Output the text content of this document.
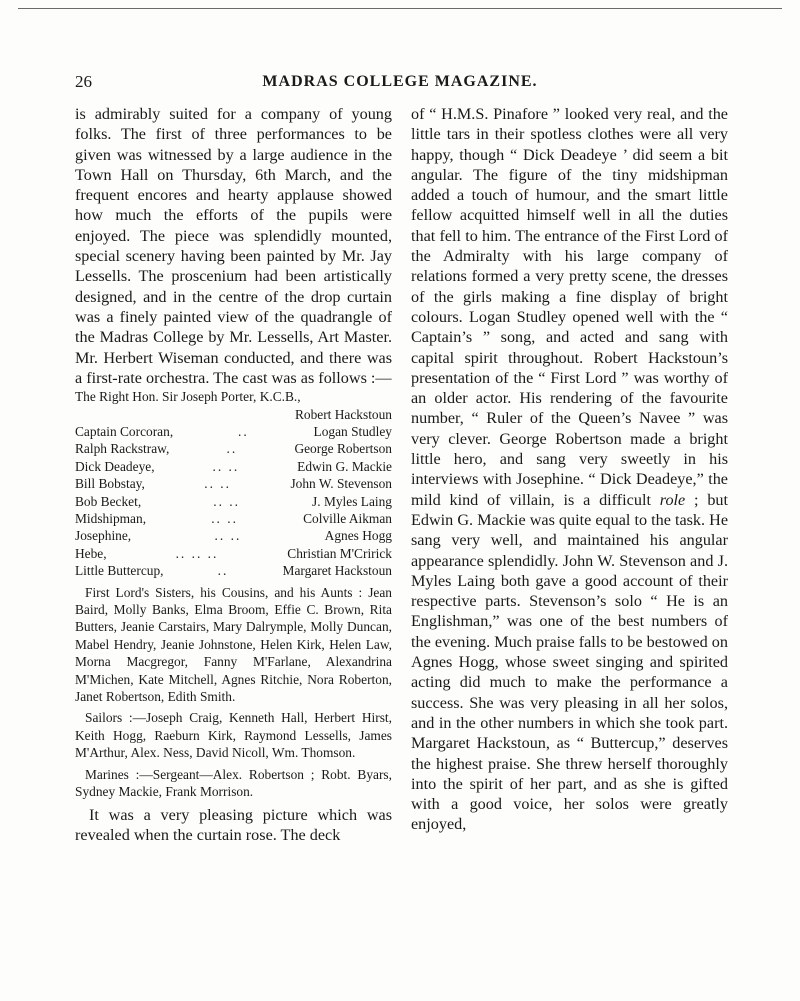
26	MADRAS COLLEGE MAGAZINE.

is admirably suited for a company of young folks. The first of three performances to be given was witnessed by a large audience in the Town Hall on Thursday, 6th March, and the frequent encores and hearty applause showed how much the efforts of the pupils were enjoyed. The piece was splendidly mounted, special scenery having been painted by Mr. Jay Lessells. The proscenium had been artistically designed, and in the centre of the drop curtain was a finely painted view of the quadrangle of the Madras College by Mr. Lessells, Art Master. Mr. Herbert Wiseman conducted, and there was a first-rate orchestra. The cast was as follows :—

The Right Hon. Sir Joseph Porter, K.C.B.,
Robert Hackstoun
Captain Corcoran,	..	Logan Studley
Ralph Rackstraw,	..	George Robertson
Dick Deadeye,	.. ..	Edwin G. Mackie
Bill Bobstay,	.. ..	John W. Stevenson
Bob Becket,	.. ..	J. Myles Laing
Midshipman,	.. ..	Colville Aikman
Josephine,	.. ..	Agnes Hogg
Hebe,	.. .. ..	Christian M'Cririck
Little Buttercup,	..	Margaret Hackstoun

First Lord's Sisters, his Cousins, and his Aunts : Jean Baird, Molly Banks, Elma Broom, Effie C. Brown, Rita Butters, Jeanie Carstairs, Mary Dalrymple, Molly Duncan, Mabel Hendry, Jeanie Johnstone, Helen Kirk, Helen Law, Morna Macgregor, Fanny M'Farlane, Alexandrina M'Michen, Kate Mitchell, Agnes Ritchie, Nora Roberton, Janet Robertson, Edith Smith.

Sailors :—Joseph Craig, Kenneth Hall, Herbert Hirst, Keith Hogg, Raeburn Kirk, Raymond Lessells, James M'Arthur, Alex. Ness, David Nicoll, Wm. Thomson.

Marines :—Sergeant—Alex. Robertson ; Robt. Byars, Sydney Mackie, Frank Morrison.

It was a very pleasing picture which was revealed when the curtain rose. The deck

of “ H.M.S. Pinafore ” looked very real, and the little tars in their spotless clothes were all very happy, though “ Dick Deadeye ’ did seem a bit angular. The figure of the tiny midshipman added a touch of humour, and the smart little fellow acquitted himself well in all the duties that fell to him. The entrance of the First Lord of the Admiralty with his large company of relations formed a very pretty scene, the dresses of the girls making a fine display of bright colours. Logan Studley opened well with the “ Captain’s ” song, and acted and sang with capital spirit throughout. Robert Hackstoun’s presentation of the “ First Lord ” was worthy of an older actor. His rendering of the favourite number, “ Ruler of the Queen’s Navee ” was very clever. George Robertson made a bright little hero, and sang very sweetly in his interviews with Josephine. “ Dick Deadeye,” the mild kind of villain, is a difficult role ; but Edwin G. Mackie was quite equal to the task. He sang very well, and maintained his angular appearance splendidly. John W. Stevenson and J. Myles Laing both gave a good account of their respective parts. Stevenson’s solo “ He is an Englishman,” was one of the best numbers of the evening. Much praise falls to be bestowed on Agnes Hogg, whose sweet singing and spirited acting did much to make the performance a success. She was very pleasing in all her solos, and in the other numbers in which she took part. Margaret Hackstoun, as “ Buttercup,” deserves the highest praise. She threw herself thoroughly into the spirit of her part, and as she is gifted with a good voice, her solos were greatly enjoyed,
